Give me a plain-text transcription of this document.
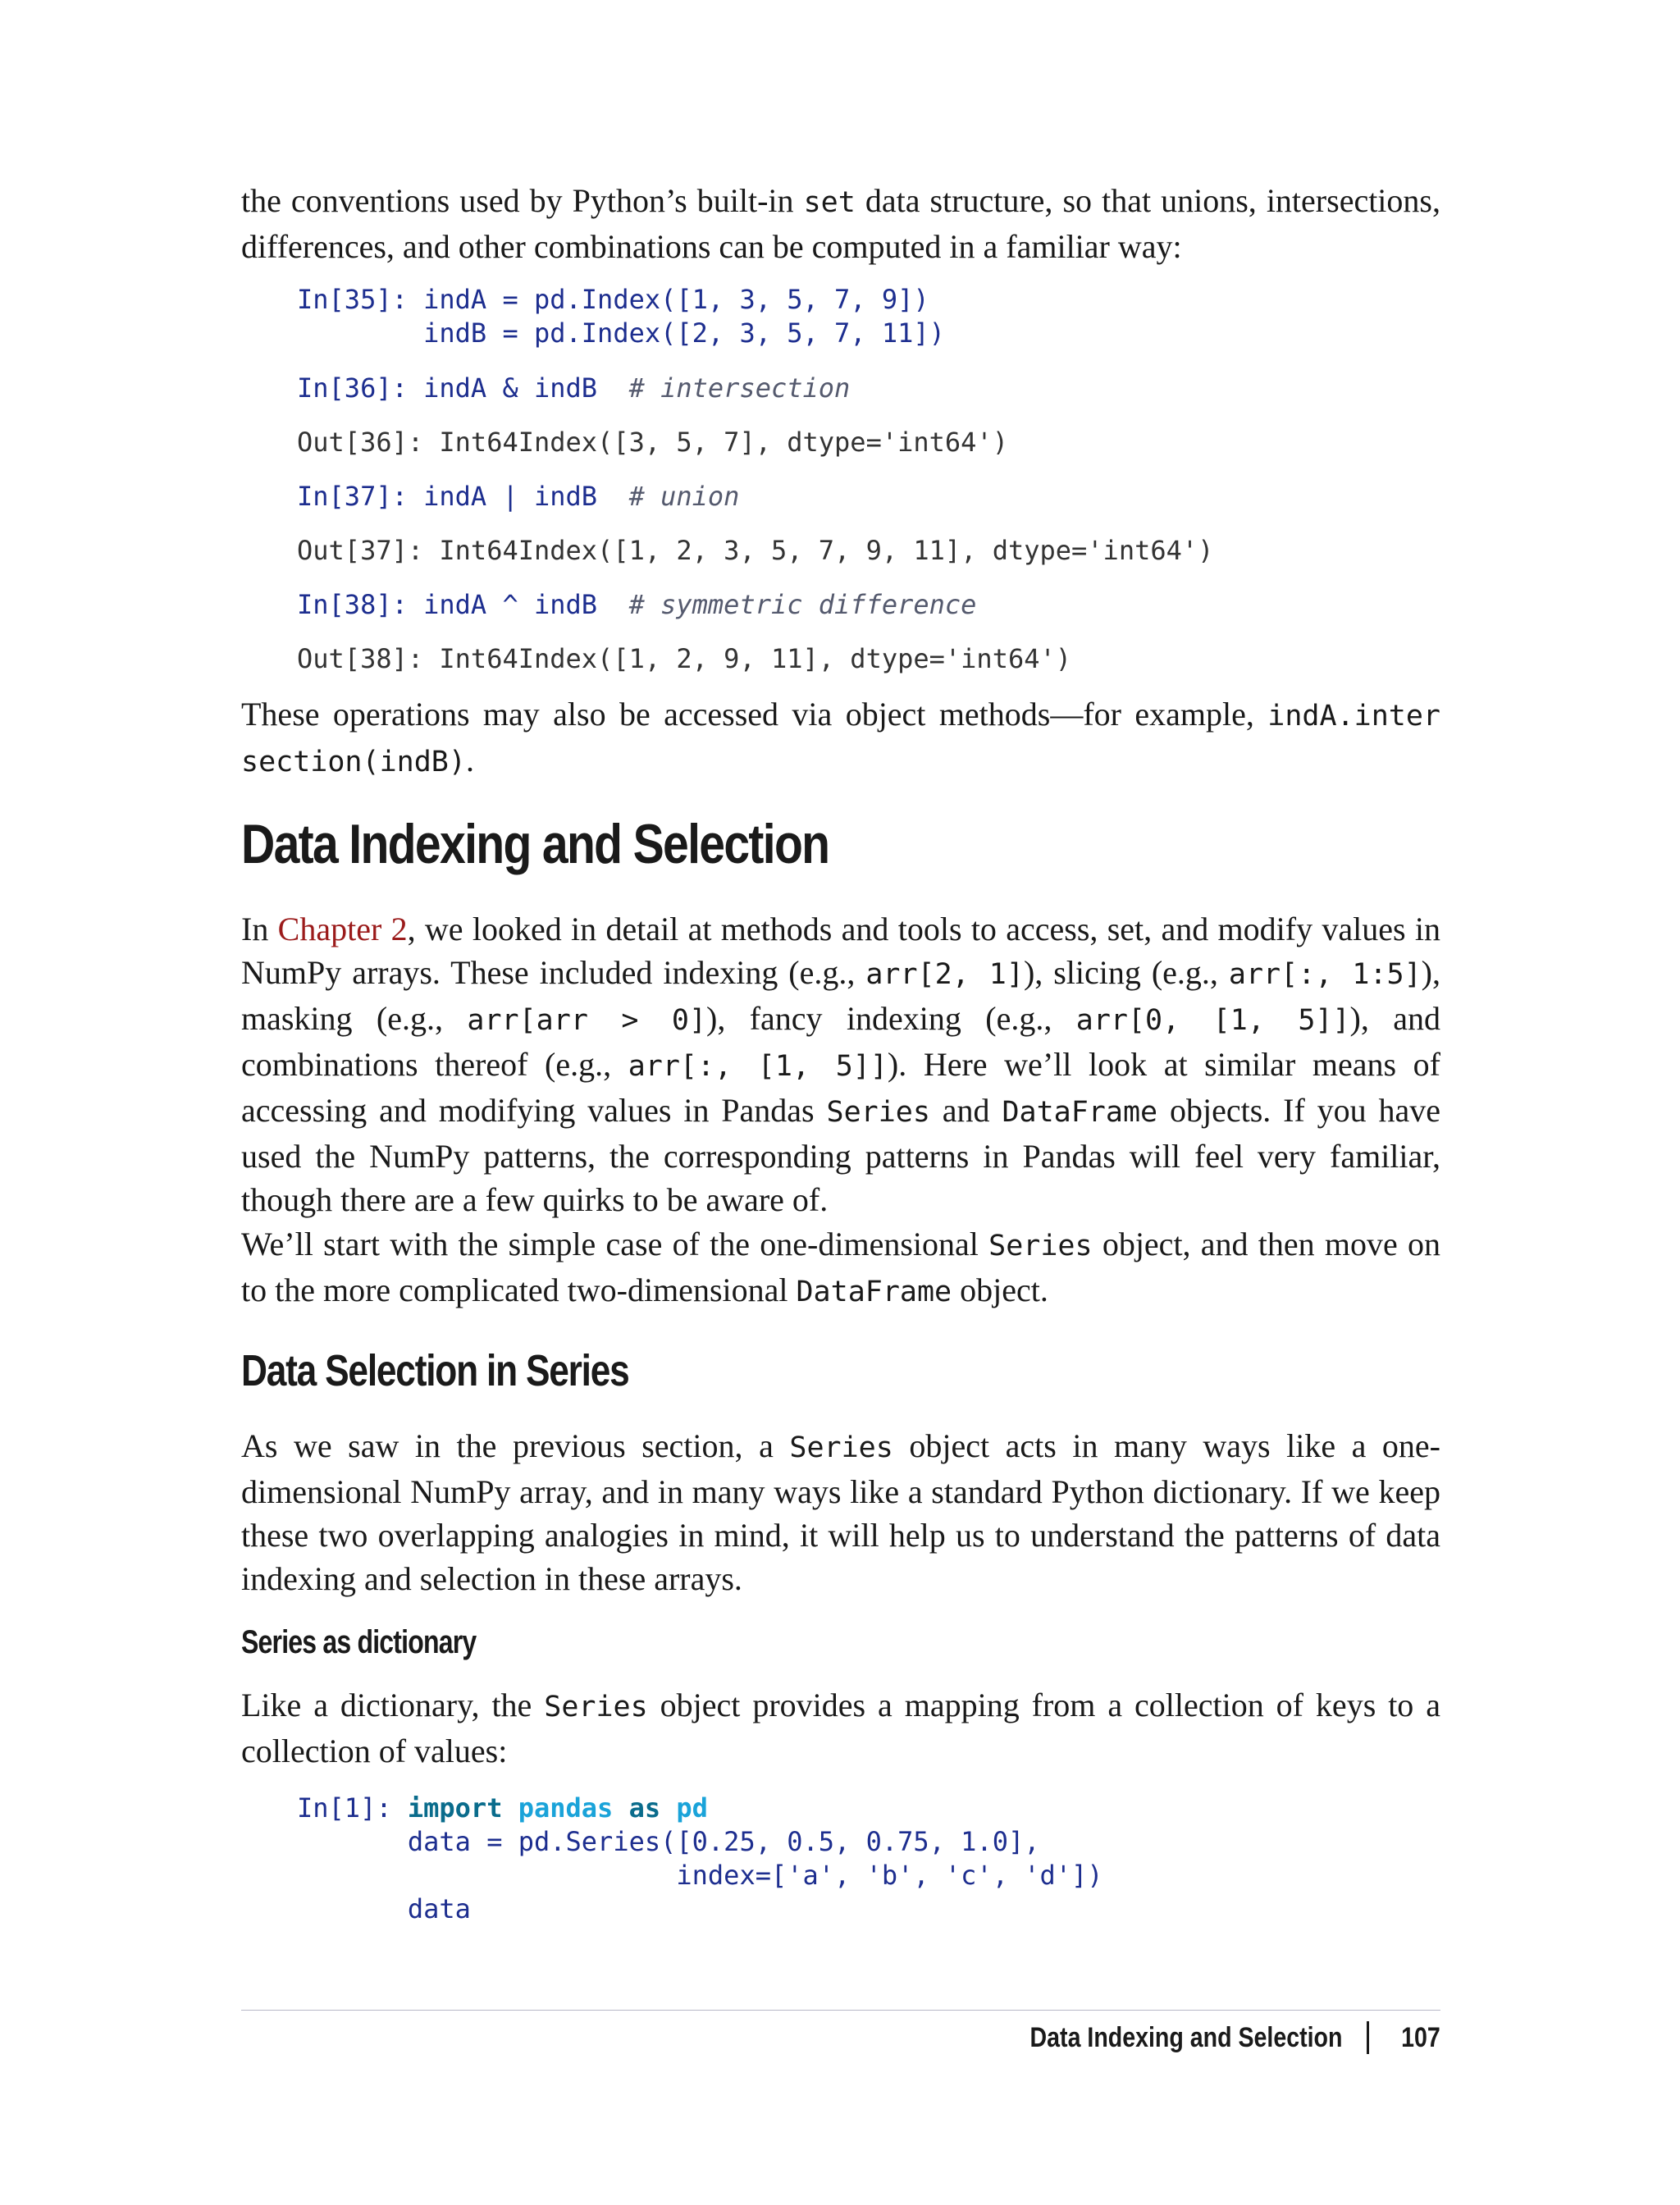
the conventions used by Python’s built-in set data structure, so that unions, intersections, differences, and other combinations can be computed in a familiar way:

In[35]: indA = pd.Index([1, 3, 5, 7, 9])
indB = pd.Index([2, 3, 5, 7, 11])
In[36]: indA & indB  # intersection
Out[36]: Int64Index([3, 5, 7], dtype='int64')
In[37]: indA | indB  # union
Out[37]: Int64Index([1, 2, 3, 5, 7, 9, 11], dtype='int64')
In[38]: indA ^ indB  # symmetric difference
Out[38]: Int64Index([1, 2, 9, 11], dtype='int64')

These operations may also be accessed via object methods—for example, indA.inter section(indB).

Data Indexing and Selection

In Chapter 2, we looked in detail at methods and tools to access, set, and modify values in NumPy arrays. These included indexing (e.g., arr[2, 1]), slicing (e.g., arr[:, 1:5]), masking (e.g., arr[arr > 0]), fancy indexing (e.g., arr[0, [1, 5]]), and combinations thereof (e.g., arr[:, [1, 5]]). Here we’ll look at similar means of accessing and modifying values in Pandas Series and DataFrame objects. If you have used the NumPy patterns, the corresponding patterns in Pandas will feel very familiar, though there are a few quirks to be aware of.

We’ll start with the simple case of the one-dimensional Series object, and then move on to the more complicated two-dimensional DataFrame object.

Data Selection in Series

As we saw in the previous section, a Series object acts in many ways like a one-dimensional NumPy array, and in many ways like a standard Python dictionary. If we keep these two overlapping analogies in mind, it will help us to understand the patterns of data indexing and selection in these arrays.

Series as dictionary

Like a dictionary, the Series object provides a mapping from a collection of keys to a collection of values:

In[1]: import pandas as pd
data = pd.Series([0.25, 0.5, 0.75, 1.0],
index=['a', 'b', 'c', 'd'])
data
Data Indexing and Selection 107
